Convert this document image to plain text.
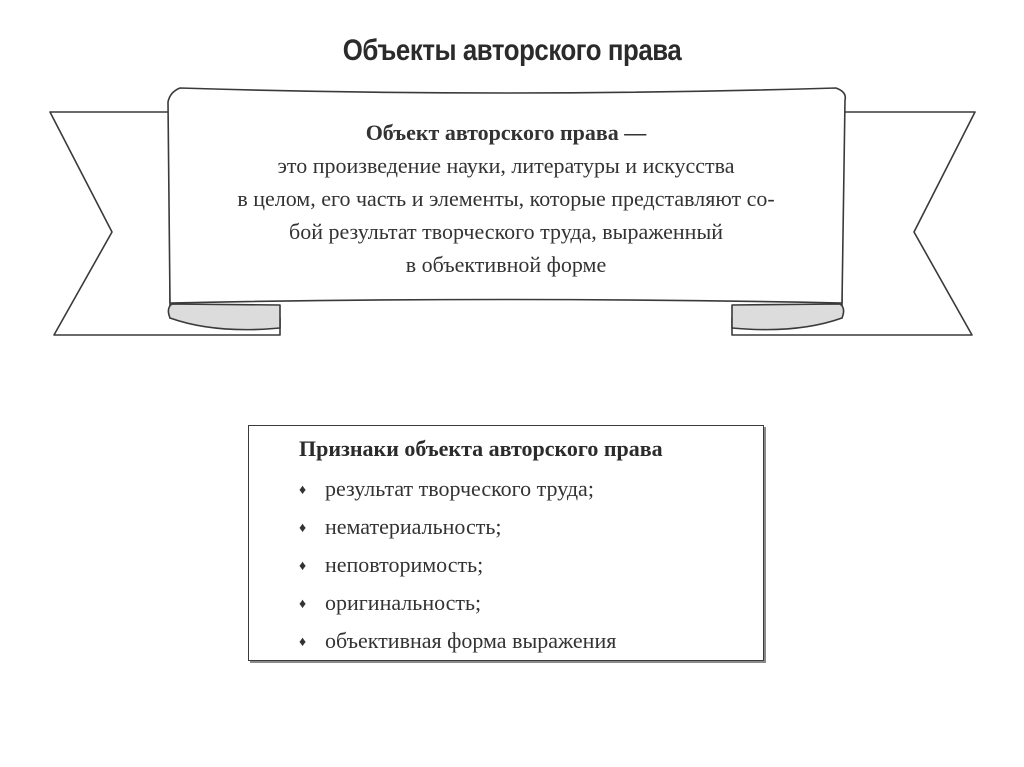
Объекты авторского права
Объект авторского права —
это произведение науки, литературы и искусства
в целом, его часть и элементы, которые представляют со-
бой результат творческого труда, выраженный
в объективной форме
Признаки объекта авторского права
♦ результат творческого труда;
♦ нематериальность;
♦ неповторимость;
♦ оригинальность;
♦ объективная форма выражения
